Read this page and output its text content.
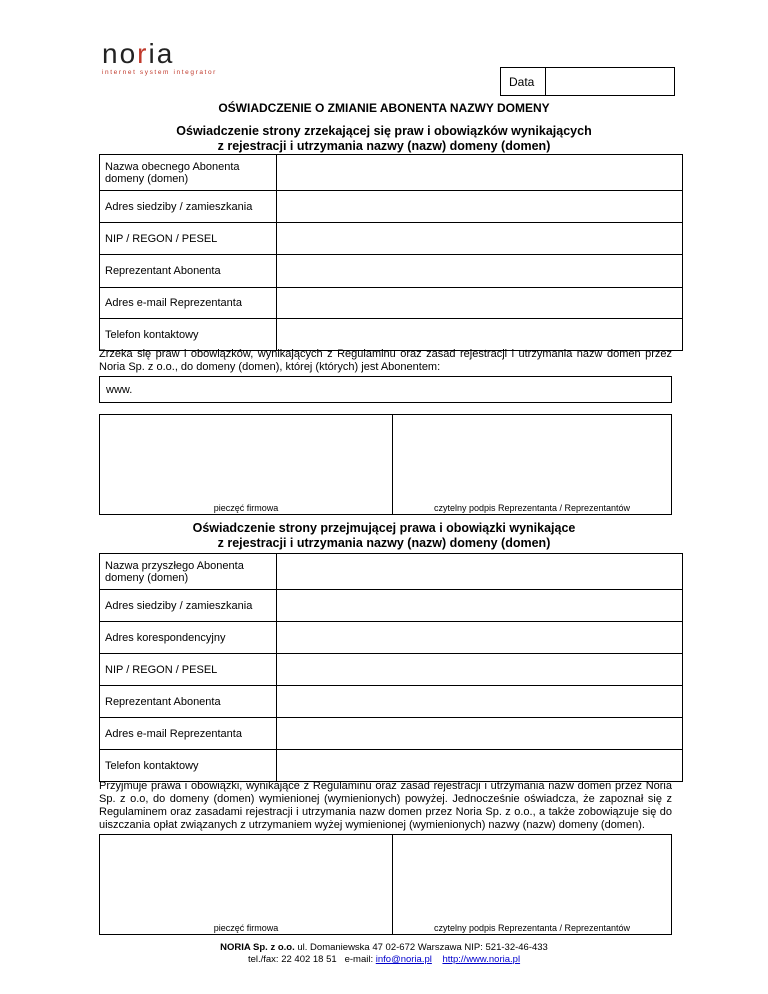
noria
internet system integrator
Data
OŚWIADCZENIE O ZMIANIE ABONENTA NAZWY DOMENY
Oświadczenie strony zrzekającej się praw i obowiązków wynikających
z rejestracji i utrzymania nazwy (nazw) domeny (domen)
Nazwa obecnego Abonenta domeny (domen)	
Adres siedziby / zamieszkania	
NIP / REGON / PESEL	
Reprezentant Abonenta	
Adres e-mail Reprezentanta	
Telefon kontaktowy	
Zrzeka się praw i obowiązków, wynikających z Regulaminu oraz zasad rejestracji i utrzymania nazw domen przez Noria Sp. z o.o., do domeny (domen), której (których) jest Abonentem:
www.
pieczęć firmowa	czytelny podpis Reprezentanta / Reprezentantów
Oświadczenie strony przejmującej prawa i obowiązki wynikające
z rejestracji i utrzymania nazwy (nazw) domeny (domen)
Nazwa przyszłego Abonenta domeny (domen)	
Adres siedziby / zamieszkania	
Adres korespondencyjny	
NIP / REGON / PESEL	
Reprezentant Abonenta	
Adres e-mail Reprezentanta	
Telefon kontaktowy	
Przyjmuje prawa i obowiązki, wynikające z Regulaminu oraz zasad rejestracji i utrzymania nazw domen przez Noria Sp. z o.o, do domeny (domen) wymienionej (wymienionych) powyżej. Jednocześnie oświadcza, że zapoznał się z Regulaminem oraz zasadami rejestracji i utrzymania nazw domen przez Noria Sp. z o.o., a także zobowiązuje się do uiszczania opłat związanych z utrzymaniem wyżej wymienionej (wymienionych) nazwy (nazw) domeny (domen).
pieczęć firmowa	czytelny podpis Reprezentanta / Reprezentantów
NORIA Sp. z o.o. ul. Domaniewska 47 02-672 Warszawa NIP: 521-32-46-433
tel./fax: 22 402 18 51 e-mail: info@noria.pl http://www.noria.pl
